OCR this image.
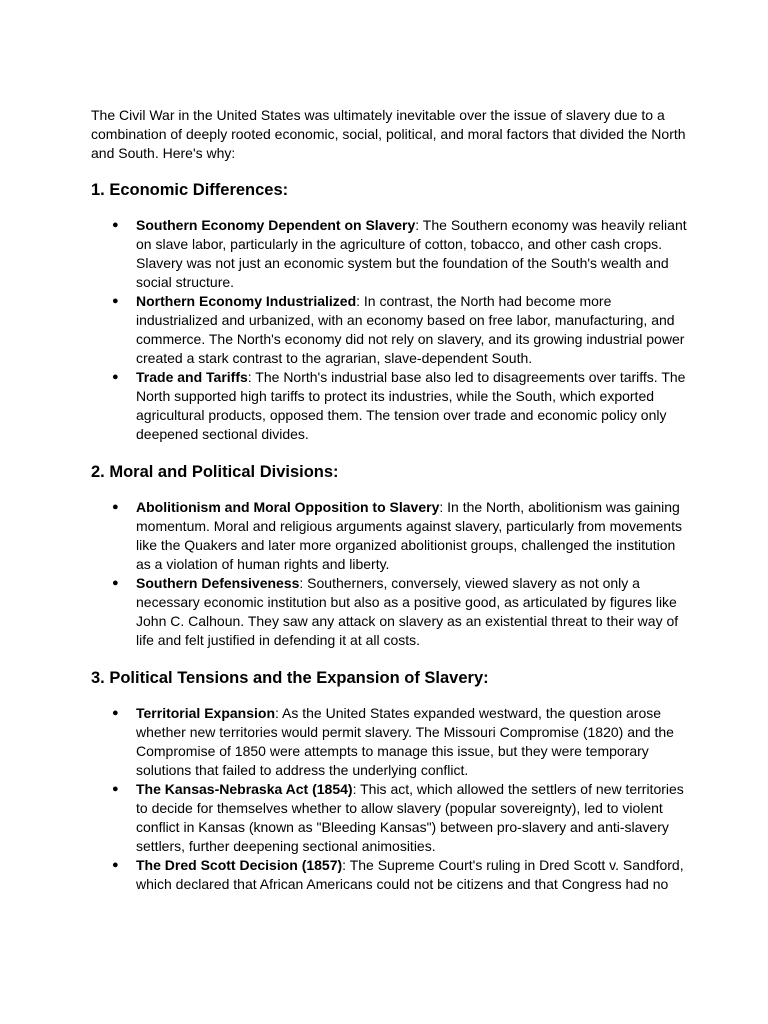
The Civil War in the United States was ultimately inevitable over the issue of slavery due to a combination of deeply rooted economic, social, political, and moral factors that divided the North and South. Here's why:

1. Economic Differences:
● Southern Economy Dependent on Slavery: The Southern economy was heavily reliant on slave labor, particularly in the agriculture of cotton, tobacco, and other cash crops. Slavery was not just an economic system but the foundation of the South's wealth and social structure.
● Northern Economy Industrialized: In contrast, the North had become more industrialized and urbanized, with an economy based on free labor, manufacturing, and commerce. The North's economy did not rely on slavery, and its growing industrial power created a stark contrast to the agrarian, slave-dependent South.
● Trade and Tariffs: The North's industrial base also led to disagreements over tariffs. The North supported high tariffs to protect its industries, while the South, which exported agricultural products, opposed them. The tension over trade and economic policy only deepened sectional divides.
2. Moral and Political Divisions:
● Abolitionism and Moral Opposition to Slavery: In the North, abolitionism was gaining momentum. Moral and religious arguments against slavery, particularly from movements like the Quakers and later more organized abolitionist groups, challenged the institution as a violation of human rights and liberty.
● Southern Defensiveness: Southerners, conversely, viewed slavery as not only a necessary economic institution but also as a positive good, as articulated by figures like John C. Calhoun. They saw any attack on slavery as an existential threat to their way of life and felt justified in defending it at all costs.
3. Political Tensions and the Expansion of Slavery:
● Territorial Expansion: As the United States expanded westward, the question arose whether new territories would permit slavery. The Missouri Compromise (1820) and the Compromise of 1850 were attempts to manage this issue, but they were temporary solutions that failed to address the underlying conflict.
● The Kansas-Nebraska Act (1854): This act, which allowed the settlers of new territories to decide for themselves whether to allow slavery (popular sovereignty), led to violent conflict in Kansas (known as "Bleeding Kansas") between pro-slavery and anti-slavery settlers, further deepening sectional animosities.
● The Dred Scott Decision (1857): The Supreme Court's ruling in Dred Scott v. Sandford, which declared that African Americans could not be citizens and that Congress had no
